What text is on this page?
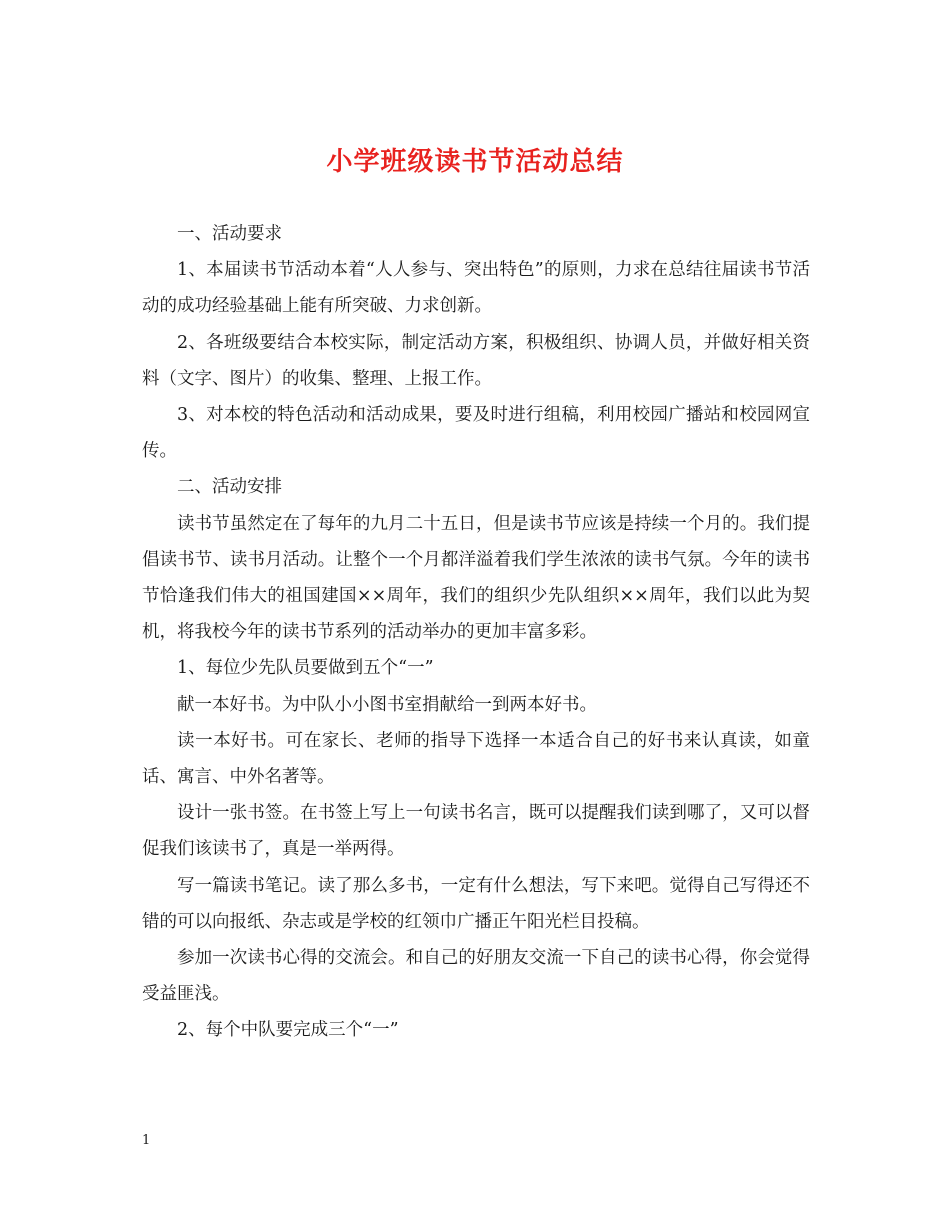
小学班级读书节活动总结

一、活动要求

1、本届读书节活动本着“人人参与、突出特色”的原则，力求在总结往届读书节活动的成功经验基础上能有所突破、力求创新。

2、各班级要结合本校实际，制定活动方案，积极组织、协调人员，并做好相关资料（文字、图片）的收集、整理、上报工作。

3、对本校的特色活动和活动成果，要及时进行组稿，利用校园广播站和校园网宣传。

二、活动安排

读书节虽然定在了每年的九月二十五日，但是读书节应该是持续一个月的。我们提倡读书节、读书月活动。让整个一个月都洋溢着我们学生浓浓的读书气氛。今年的读书节恰逢我们伟大的祖国建国××周年，我们的组织少先队组织××周年，我们以此为契机，将我校今年的读书节系列的活动举办的更加丰富多彩。

1、每位少先队员要做到五个“一”

献一本好书。为中队小小图书室捐献给一到两本好书。

读一本好书。可在家长、老师的指导下选择一本适合自己的好书来认真读，如童话、寓言、中外名著等。

设计一张书签。在书签上写上一句读书名言，既可以提醒我们读到哪了，又可以督促我们该读书了，真是一举两得。

写一篇读书笔记。读了那么多书，一定有什么想法，写下来吧。觉得自己写得还不错的可以向报纸、杂志或是学校的红领巾广播正午阳光栏目投稿。

参加一次读书心得的交流会。和自己的好朋友交流一下自己的读书心得，你会觉得受益匪浅。

2、每个中队要完成三个“一”

1
